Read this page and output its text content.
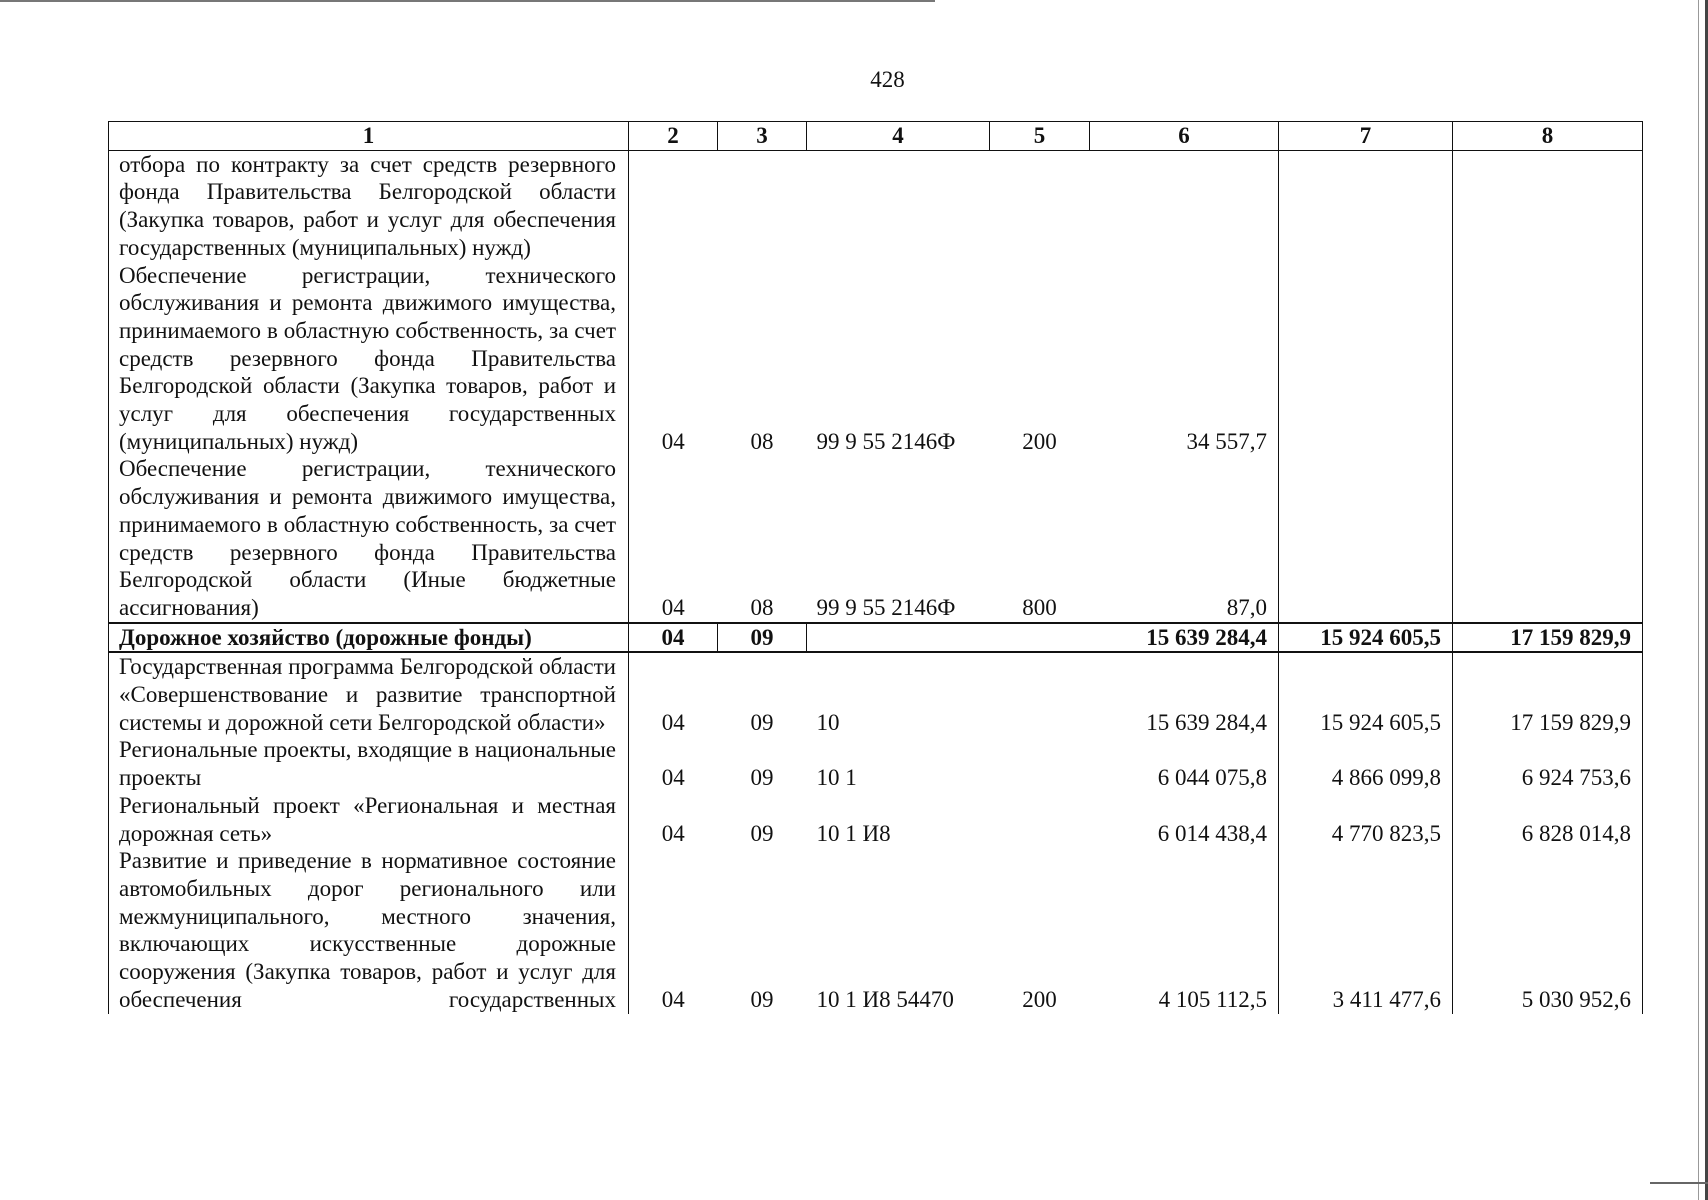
428
1	2	3	4	5	6	7	8
отбора по контракту за счет средств резервного фонда Правительства Белгородской области (Закупка товаров, работ и услуг для обеспечения государственных (муниципальных) нужд)							
Обеспечение регистрации, технического обслуживания и ремонта движимого имущества, принимаемого в областную собственность, за счет средств резервного фонда Правительства Белгородской области (Закупка товаров, работ и услуг для обеспечения государственных (муниципальных) нужд)	04	08	99 9 55 2146Ф	200	34 557,7		
Обеспечение регистрации, технического обслуживания и ремонта движимого имущества, принимаемого в областную собственность, за счет средств резервного фонда Правительства Белгородской области (Иные бюджетные ассигнования)	04	08	99 9 55 2146Ф	800	87,0		
Дорожное хозяйство (дорожные фонды)	04	09			15 639 284,4	15 924 605,5	17 159 829,9
Государственная программа Белгородской области «Совершенствование и развитие транспортной системы и дорожной сети Белгородской области»	04	09	10		15 639 284,4	15 924 605,5	17 159 829,9
Региональные проекты, входящие в национальные проекты	04	09	10 1		6 044 075,8	4 866 099,8	6 924 753,6
Региональный проект «Региональная и местная дорожная сеть»	04	09	10 1 И8		6 014 438,4	4 770 823,5	6 828 014,8
Развитие и приведение в нормативное состояние автомобильных дорог регионального или межмуниципального, местного значения, включающих искусственные дорожные сооружения (Закупка товаров, работ и услуг для обеспечения государственных	04	09	10 1 И8 54470	200	4 105 112,5	3 411 477,6	5 030 952,6
